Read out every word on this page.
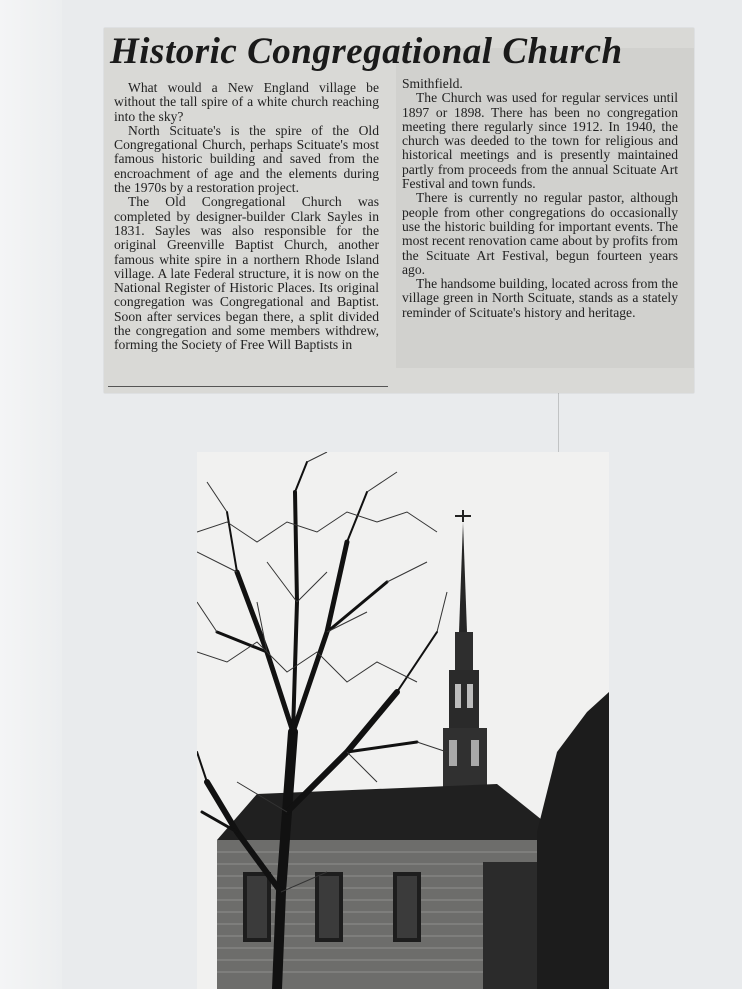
Historic Congregational Church

What would a New England village be without the tall spire of a white church reaching into the sky?

North Scituate's is the spire of the Old Congregational Church, perhaps Scituate's most famous historic building and saved from the encroachment of age and the elements during the 1970s by a restoration project.

The Old Congregational Church was completed by designer-builder Clark Sayles in 1831. Sayles was also responsible for the original Greenville Baptist Church, another famous white spire in a northern Rhode Island village. A late Federal structure, it is now on the National Register of Historic Places. Its original congregation was Congregational and Baptist. Soon after services began there, a split divided the congregation and some members withdrew, forming the Society of Free Will Baptists in

Smithfield.

The Church was used for regular services until 1897 or 1898. There has been no congregation meeting there regularly since 1912. In 1940, the church was deeded to the town for religious and historical meetings and is presently maintained partly from proceeds from the annual Scituate Art Festival and town funds.

There is currently no regular pastor, although people from other congregations do occasionally use the historic building for important events. The most recent renovation came about by profits from the Scituate Art Festival, begun fourteen years ago.

The handsome building, located across from the village green in North Scituate, stands as a stately reminder of Scituate's history and heritage.
